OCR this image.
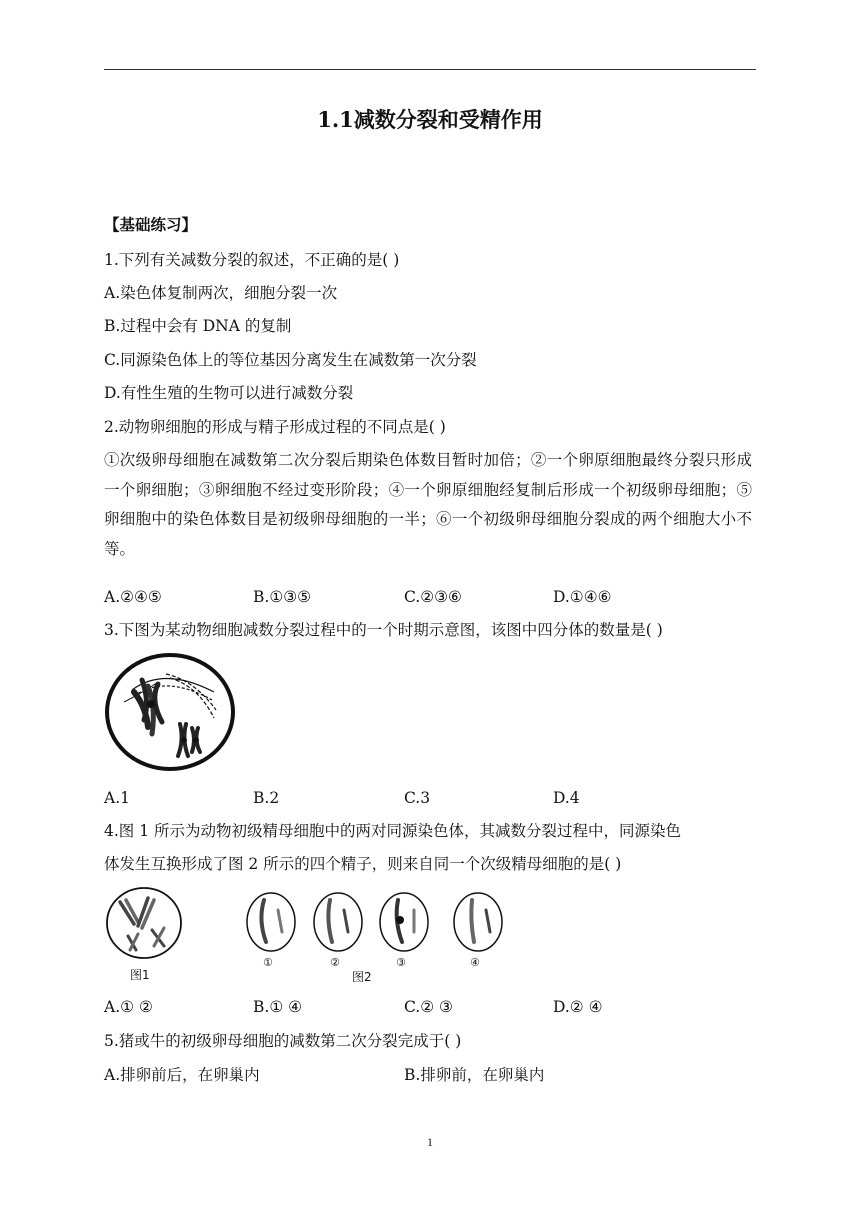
1.1减数分裂和受精作用
【基础练习】
1.下列有关减数分裂的叙述，不正确的是( )
A.染色体复制两次，细胞分裂一次
B.过程中会有 DNA 的复制
C.同源染色体上的等位基因分离发生在减数第一次分裂
D.有性生殖的生物可以进行减数分裂
2.动物卵细胞的形成与精子形成过程的不同点是( )
①次级卵母细胞在减数第二次分裂后期染色体数目暂时加倍；②一个卵原细胞最终分裂只形成一个卵细胞；③卵细胞不经过变形阶段；④一个卵原细胞经复制后形成一个初级卵母细胞；⑤卵细胞中的染色体数目是初级卵母细胞的一半；⑥一个初级卵母细胞分裂成的两个细胞大小不等。
A.②④⑤	B.①③⑤	C.②③⑥	D.①④⑥
3.下图为某动物细胞减数分裂过程中的一个时期示意图，该图中四分体的数量是( )
A.1	B.2	C.3	D.4
4.图 1 所示为动物初级精母细胞中的两对同源染色体，其减数分裂过程中，同源染色
体发生互换形成了图 2 所示的四个精子，则来自同一个次级精母细胞的是( )
图1
①	②	③	④
图2
A.① ②	B.① ④	C.② ③	D.② ④
5.猪或牛的初级卵母细胞的减数第二次分裂完成于( )
A.排卵前后，在卵巢内	B.排卵前，在卵巢内
1
